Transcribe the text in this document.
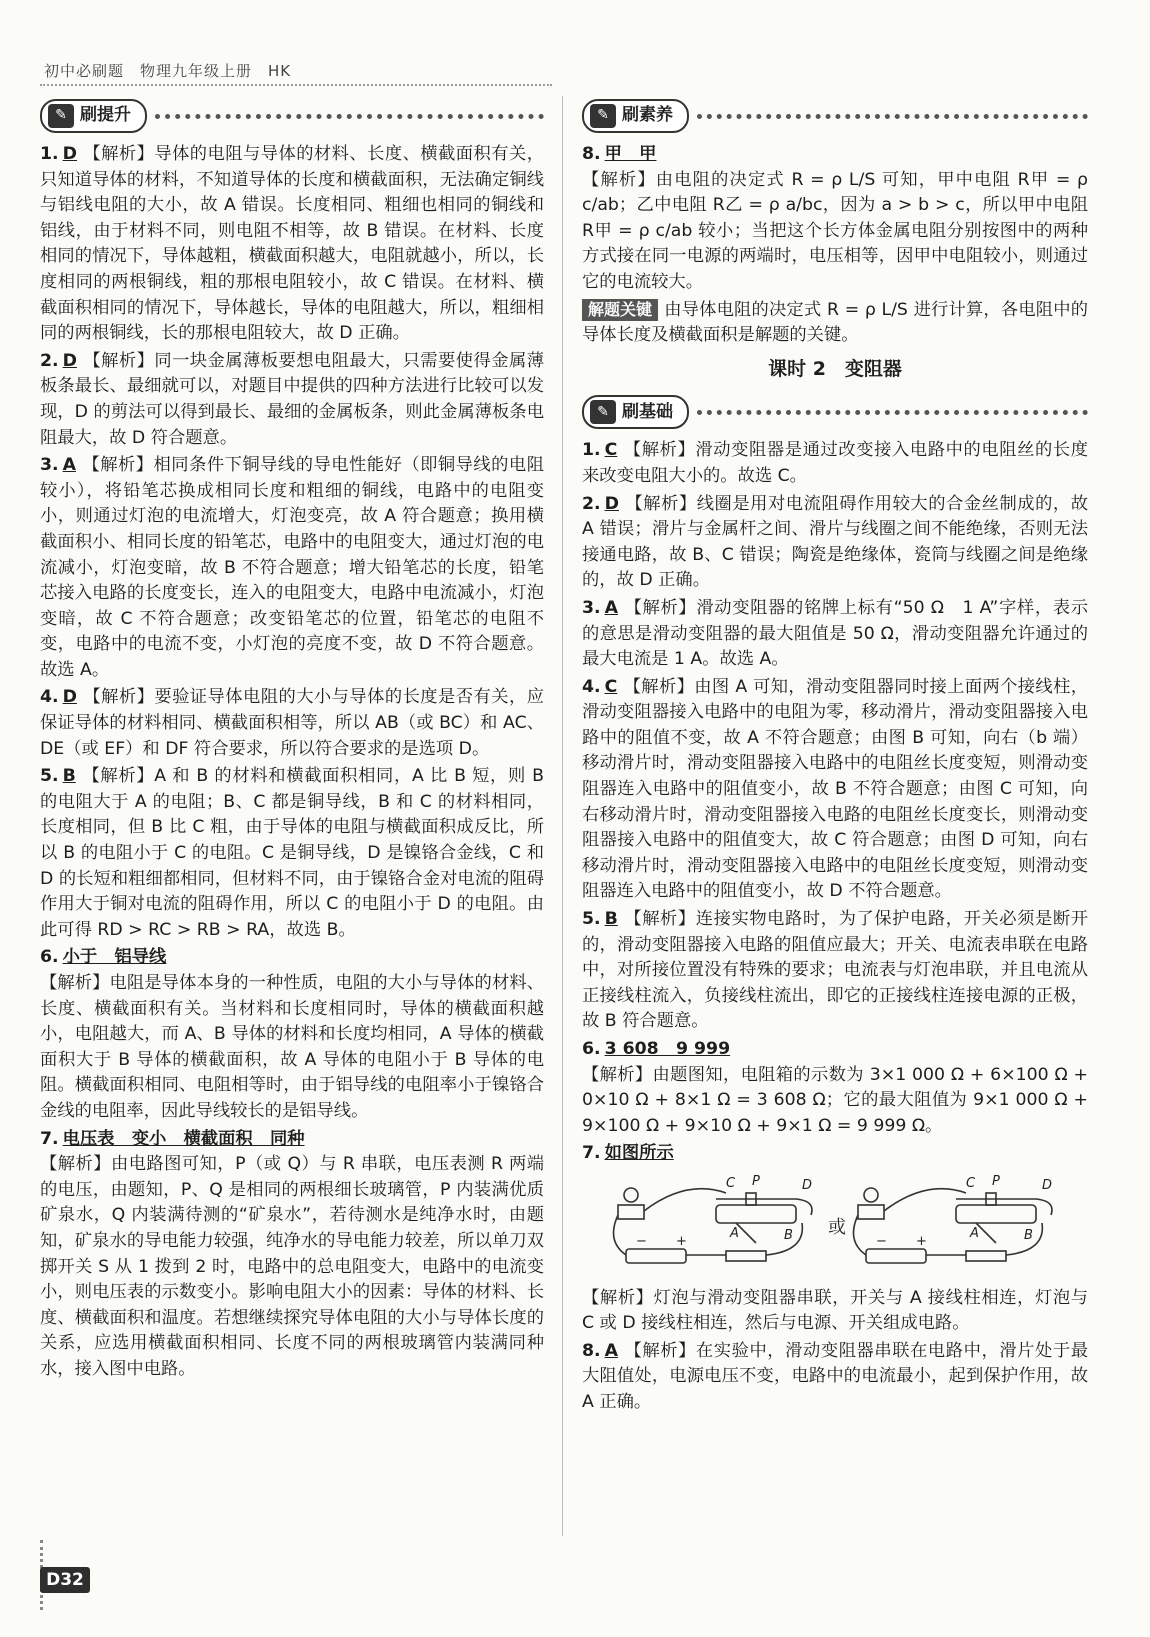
初中必刷题　物理九年级上册　HK
✎ 刷提升
1. D 【解析】导体的电阻与导体的材料、长度、横截面积有关，只知道导体的材料，不知道导体的长度和横截面积，无法确定铜线与铝线电阻的大小，故 A 错误。长度相同、粗细也相同的铜线和铝线，由于材料不同，则电阻不相等，故 B 错误。在材料、长度相同的情况下，导体越粗，横截面积越大，电阻就越小，所以，长度相同的两根铜线，粗的那根电阻较小，故 C 错误。在材料、横截面积相同的情况下，导体越长，导体的电阻越大，所以，粗细相同的两根铜线，长的那根电阻较大，故 D 正确。
2. D 【解析】同一块金属薄板要想电阻最大，只需要使得金属薄板条最长、最细就可以，对题目中提供的四种方法进行比较可以发现，D 的剪法可以得到最长、最细的金属板条，则此金属薄板条电阻最大，故 D 符合题意。
3. A 【解析】相同条件下铜导线的导电性能好（即铜导线的电阻较小），将铅笔芯换成相同长度和粗细的铜线，电路中的电阻变小，则通过灯泡的电流增大，灯泡变亮，故 A 符合题意；换用横截面积小、相同长度的铅笔芯，电路中的电阻变大，通过灯泡的电流减小，灯泡变暗，故 B 不符合题意；增大铅笔芯的长度，铅笔芯接入电路的长度变长，连入的电阻变大，电路中电流减小，灯泡变暗，故 C 不符合题意；改变铅笔芯的位置，铅笔芯的电阻不变，电路中的电流不变，小灯泡的亮度不变，故 D 不符合题意。故选 A。
4. D 【解析】要验证导体电阻的大小与导体的长度是否有关，应保证导体的材料相同、横截面积相等，所以 AB（或 BC）和 AC、DE（或 EF）和 DF 符合要求，所以符合要求的是选项 D。
5. B 【解析】A 和 B 的材料和横截面积相同，A 比 B 短，则 B 的电阻大于 A 的电阻；B、C 都是铜导线，B 和 C 的材料相同，长度相同，但 B 比 C 粗，由于导体的电阻与横截面积成反比，所以 B 的电阻小于 C 的电阻。C 是铜导线，D 是镍铬合金线，C 和 D 的长短和粗细都相同，但材料不同，由于镍铬合金对电流的阻碍作用大于铜对电流的阻碍作用，所以 C 的电阻小于 D 的电阻。由此可得 RD > RC > RB > RA，故选 B。
6. 小于　铝导线
【解析】电阻是导体本身的一种性质，电阻的大小与导体的材料、长度、横截面积有关。当材料和长度相同时，导体的横截面积越小，电阻越大，而 A、B 导体的材料和长度均相同，A 导体的横截面积大于 B 导体的横截面积，故 A 导体的电阻小于 B 导体的电阻。横截面积相同、电阻相等时，由于铝导线的电阻率小于镍铬合金线的电阻率，因此导线较长的是铝导线。
7. 电压表　变小　横截面积　同种
【解析】由电路图可知，P（或 Q）与 R 串联，电压表测 R 两端的电压，由题知，P、Q 是相同的两根细长玻璃管，P 内装满优质矿泉水，Q 内装满待测的“矿泉水”，若待测水是纯净水时，由题知，矿泉水的导电能力较强，纯净水的导电能力较差，所以单刀双掷开关 S 从 1 拨到 2 时，电路中的总电阻变大，电路中的电流变小，则电压表的示数变小。影响电阻大小的因素：导体的材料、长度、横截面积和温度。若想继续探究导体电阻的大小与导体长度的关系，应选用横截面积相同、长度不同的两根玻璃管内装满同种水，接入图中电路。
✎ 刷素养
8. 甲　甲
【解析】由电阻的决定式 R = ρ L/S 可知，甲中电阻 R甲 = ρ c/ab；乙中电阻 R乙 = ρ a/bc，因为 a > b > c，所以甲中电阻 R甲 = ρ c/ab 较小；当把这个长方体金属电阻分别按图中的两种方式接在同一电源的两端时，电压相等，因甲中电阻较小，则通过它的电流较大。
解题关键 由导体电阻的决定式 R = ρ L/S 进行计算，各电阻中的导体长度及横截面积是解题的关键。
课时 2　变阻器
✎ 刷基础
1. C 【解析】滑动变阻器是通过改变接入电路中的电阻丝的长度来改变电阻大小的。故选 C。
2. D 【解析】线圈是用对电流阻碍作用较大的合金丝制成的，故 A 错误；滑片与金属杆之间、滑片与线圈之间不能绝缘，否则无法接通电路，故 B、C 错误；陶瓷是绝缘体，瓷筒与线圈之间是绝缘的，故 D 正确。
3. A 【解析】滑动变阻器的铭牌上标有“50 Ω　1 A”字样，表示的意思是滑动变阻器的最大阻值是 50 Ω，滑动变阻器允许通过的最大电流是 1 A。故选 A。
4. C 【解析】由图 A 可知，滑动变阻器同时接上面两个接线柱，滑动变阻器接入电路中的电阻为零，移动滑片，滑动变阻器接入电路中的阻值不变，故 A 不符合题意；由图 B 可知，向右（b 端）移动滑片时，滑动变阻器接入电路中的电阻丝长度变短，则滑动变阻器连入电路中的阻值变小，故 B 不符合题意；由图 C 可知，向右移动滑片时，滑动变阻器接入电路的电阻丝长度变长，则滑动变阻器接入电路中的阻值变大，故 C 符合题意；由图 D 可知，向右移动滑片时，滑动变阻器接入电路中的电阻丝长度变短，则滑动变阻器连入电路中的阻值变小，故 D 不符合题意。
5. B 【解析】连接实物电路时，为了保护电路，开关必须是断开的，滑动变阻器接入电路的阻值应最大；开关、电流表串联在电路中，对所接位置没有特殊的要求；电流表与灯泡串联，并且电流从正接线柱流入，负接线柱流出，即它的正接线柱连接电源的正极，故 B 符合题意。
6. 3 608　9 999
【解析】由题图知，电阻箱的示数为 3×1 000 Ω + 6×100 Ω + 0×10 Ω + 8×1 Ω = 3 608 Ω；它的最大阻值为 9×1 000 Ω + 9×100 Ω + 9×10 Ω + 9×1 Ω = 9 999 Ω。
7. 如图所示
C P	D
A	B
− +
或
C P	D
A	B
− +
【解析】灯泡与滑动变阻器串联，开关与 A 接线柱相连，灯泡与 C 或 D 接线柱相连，然后与电源、开关组成电路。
8. A 【解析】在实验中，滑动变阻器串联在电路中，滑片处于最大阻值处，电源电压不变，电路中的电流最小，起到保护作用，故 A 正确。
D32
